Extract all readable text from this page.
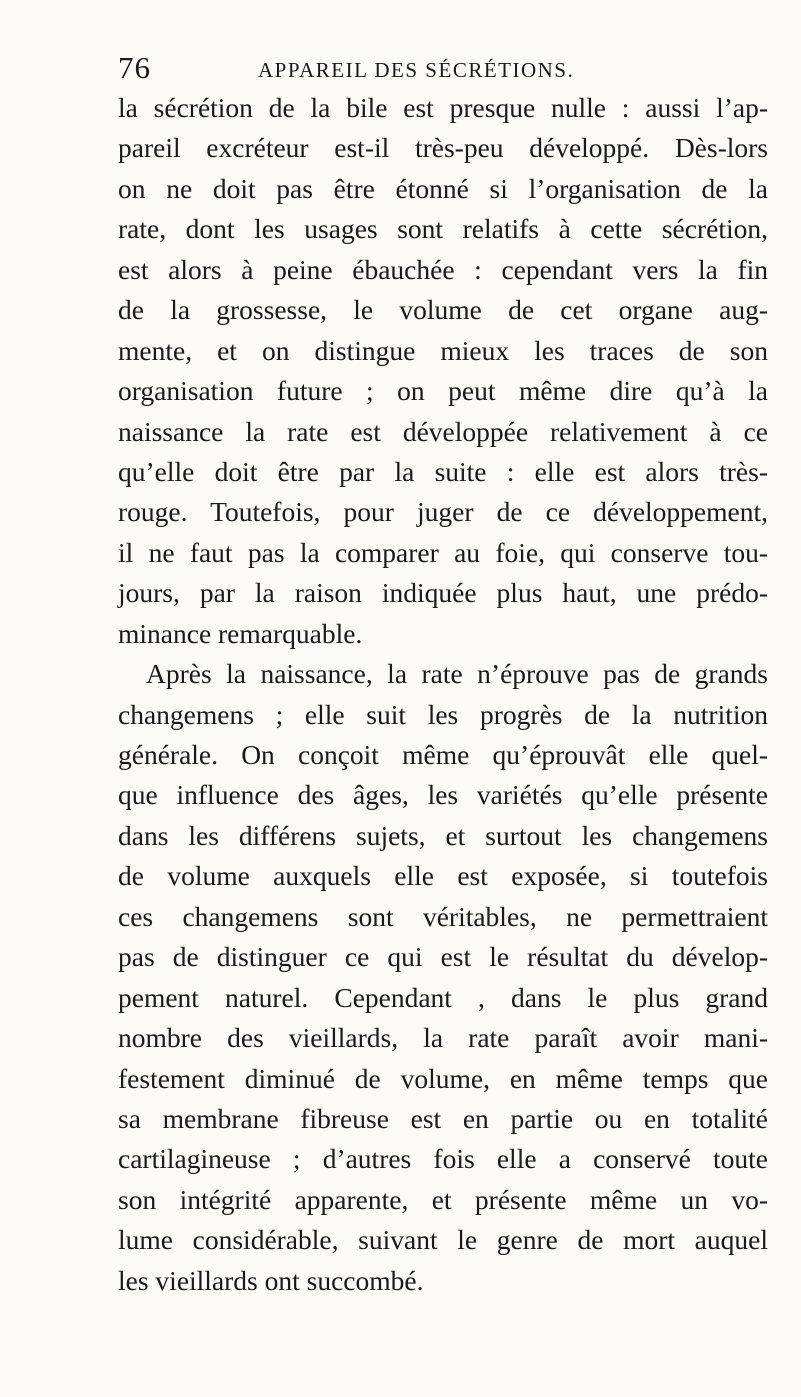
76	APPAREIL DES SÉCRÉTIONS.
la sécrétion de la bile est presque nulle : aussi l’ap-
pareil excréteur est-il très-peu développé. Dès-lors
on ne doit pas être étonné si l’organisation de la
rate, dont les usages sont relatifs à cette sécrétion,
est alors à peine ébauchée : cependant vers la fin
de la grossesse, le volume de cet organe aug-
mente, et on distingue mieux les traces de son
organisation future ; on peut même dire qu’à la
naissance la rate est développée relativement à ce
qu’elle doit être par la suite : elle est alors très-
rouge. Toutefois, pour juger de ce développement,
il ne faut pas la comparer au foie, qui conserve tou-
jours, par la raison indiquée plus haut, une prédo-
minance remarquable.
Après la naissance, la rate n’éprouve pas de grands
changemens ; elle suit les progrès de la nutrition
générale. On conçoit même qu’éprouvât elle quel-
que influence des âges, les variétés qu’elle présente
dans les différens sujets, et surtout les changemens
de volume auxquels elle est exposée, si toutefois
ces changemens sont véritables, ne permettraient
pas de distinguer ce qui est le résultat du dévelop-
pement naturel. Cependant , dans le plus grand
nombre des vieillards, la rate paraît avoir mani-
festement diminué de volume, en même temps que
sa membrane fibreuse est en partie ou en totalité
cartilagineuse ; d’autres fois elle a conservé toute
son intégrité apparente, et présente même un vo-
lume considérable, suivant le genre de mort auquel
les vieillards ont succombé.
